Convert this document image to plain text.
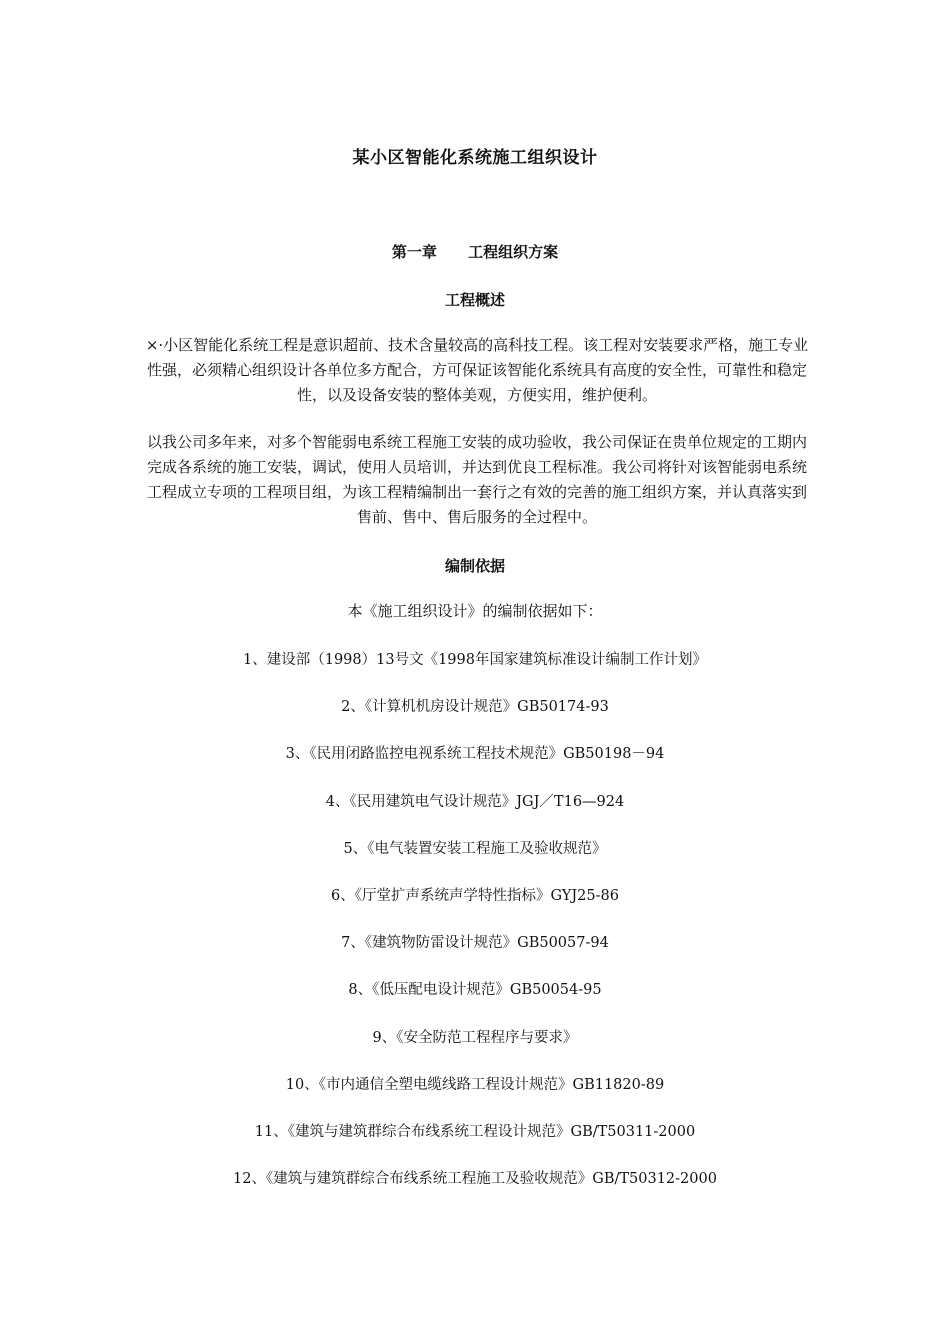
某小区智能化系统施工组织设计
第一章 工程组织方案
工程概述
×·小区智能化系统工程是意识超前、技术含量较高的高科技工程。该工程对安装要求严格，施工专业性强，必须精心组织设计各单位多方配合，方可保证该智能化系统具有高度的安全性，可靠性和稳定性，以及设备安装的整体美观，方便实用，维护便利。
以我公司多年来，对多个智能弱电系统工程施工安装的成功验收，我公司保证在贵单位规定的工期内完成各系统的施工安装，调试，使用人员培训，并达到优良工程标准。我公司将针对该智能弱电系统工程成立专项的工程项目组，为该工程精编制出一套行之有效的完善的施工组织方案，并认真落实到售前、售中、售后服务的全过程中。
编制依据
本《施工组织设计》的编制依据如下：
1、建设部（1998）13号文《1998年国家建筑标准设计编制工作计划》
2、《计算机机房设计规范》GB50174-93
3、《民用闭路监控电视系统工程技术规范》GB50198－94
4、《民用建筑电气设计规范》JGJ／T16—924
5、《电气装置安装工程施工及验收规范》
6、《厅堂扩声系统声学特性指标》GYJ25-86
7、《建筑物防雷设计规范》GB50057-94
8、《低压配电设计规范》GB50054-95
9、《安全防范工程程序与要求》
10、《市内通信全塑电缆线路工程设计规范》GB11820-89
11、《建筑与建筑群综合布线系统工程设计规范》GB/T50311-2000
12、《建筑与建筑群综合布线系统工程施工及验收规范》GB/T50312-2000
